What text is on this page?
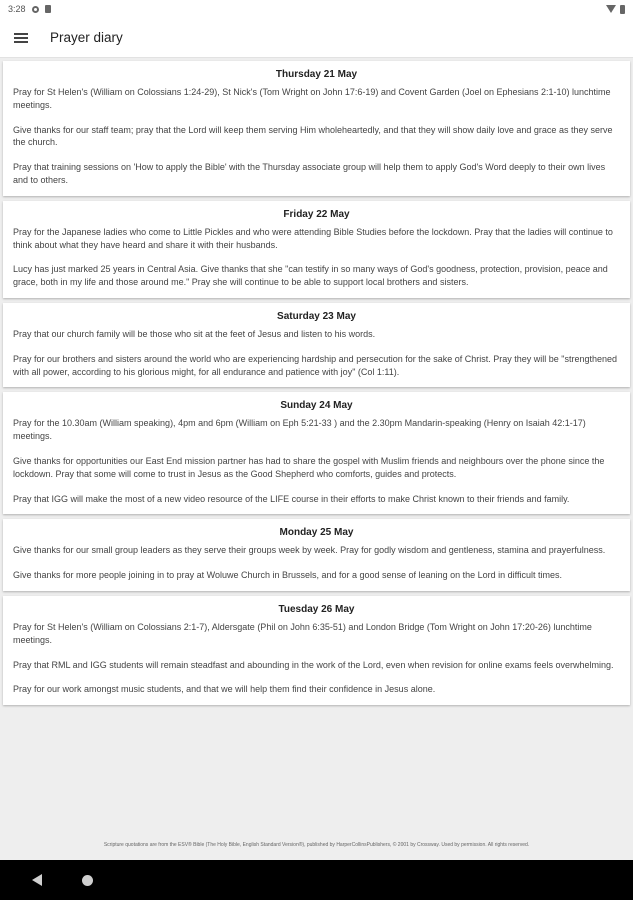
3:28
Prayer diary
Thursday 21 May

Pray for St Helen's (William on Colossians 1:24-29), St Nick's (Tom Wright on John 17:6-19) and Covent Garden (Joel on Ephesians 2:1-10) lunchtime meetings.

Give thanks for our staff team; pray that the Lord will keep them serving Him wholeheartedly, and that they will show daily love and grace as they serve the church.

Pray that training sessions on 'How to apply the Bible' with the Thursday associate group will help them to apply God's Word deeply to their own lives and to others.

Friday 22 May

Pray for the Japanese ladies who come to Little Pickles and who were attending Bible Studies before the lockdown. Pray that the ladies will continue to think about what they have heard and share it with their husbands.

Lucy has just marked 25 years in Central Asia. Give thanks that she "can testify in so many ways of God's goodness, protection, provision, peace and grace, both in my life and those around me." Pray she will continue to be able to support local brothers and sisters.

Saturday 23 May

Pray that our church family will be those who sit at the feet of Jesus and listen to his words.

Pray for our brothers and sisters around the world who are experiencing hardship and persecution for the sake of Christ. Pray they will be "strengthened with all power, according to his glorious might, for all endurance and patience with joy" (Col 1:11).

Sunday 24 May

Pray for the 10.30am (William speaking), 4pm and 6pm (William on Eph 5:21-33 ) and the 2.30pm Mandarin-speaking (Henry on Isaiah 42:1-17) meetings.

Give thanks for opportunities our East End mission partner has had to share the gospel with Muslim friends and neighbours over the phone since the lockdown. Pray that some will come to trust in Jesus as the Good Shepherd who comforts, guides and protects.

Pray that IGG will make the most of a new video resource of the LIFE course in their efforts to make Christ known to their friends and family.

Monday 25 May

Give thanks for our small group leaders as they serve their groups week by week. Pray for godly wisdom and gentleness, stamina and prayerfulness.

Give thanks for more people joining in to pray at Woluwe Church in Brussels, and for a good sense of leaning on the Lord in difficult times.

Tuesday 26 May

Pray for St Helen's (William on Colossians 2:1-7), Aldersgate (Phil on John 6:35-51) and London Bridge (Tom Wright on John 17:20-26) lunchtime meetings.

Pray that RML and IGG students will remain steadfast and abounding in the work of the Lord, even when revision for online exams feels overwhelming.

Pray for our work amongst music students, and that we will help them find their confidence in Jesus alone.

Scripture quotations are from the ESV® Bible (The Holy Bible, English Standard Version®), published by HarperCollinsPublishers, © 2001 by Crossway. Used by permission. All rights reserved.
